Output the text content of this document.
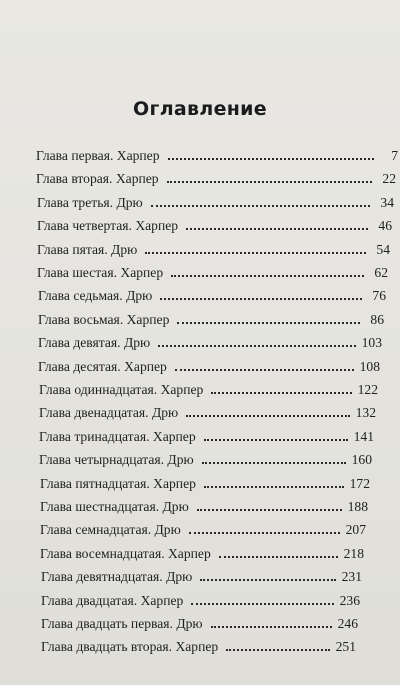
Оглавление
Глава первая. Харпер	7
Глава вторая. Харпер	22
Глава третья. Дрю	34
Глава четвертая. Харпер	46
Глава пятая. Дрю	54
Глава шестая. Харпер	62
Глава седьмая. Дрю	76
Глава восьмая. Харпер	86
Глава девятая. Дрю	103
Глава десятая. Харпер	108
Глава одиннадцатая. Харпер	122
Глава двенадцатая. Дрю	132
Глава тринадцатая. Харпер	141
Глава четырнадцатая. Дрю	160
Глава пятнадцатая. Харпер	172
Глава шестнадцатая. Дрю	188
Глава семнадцатая. Дрю	207
Глава восемнадцатая. Харпер	218
Глава девятнадцатая. Дрю	231
Глава двадцатая. Харпер	236
Глава двадцать первая. Дрю	246
Глава двадцать вторая. Харпер	251
